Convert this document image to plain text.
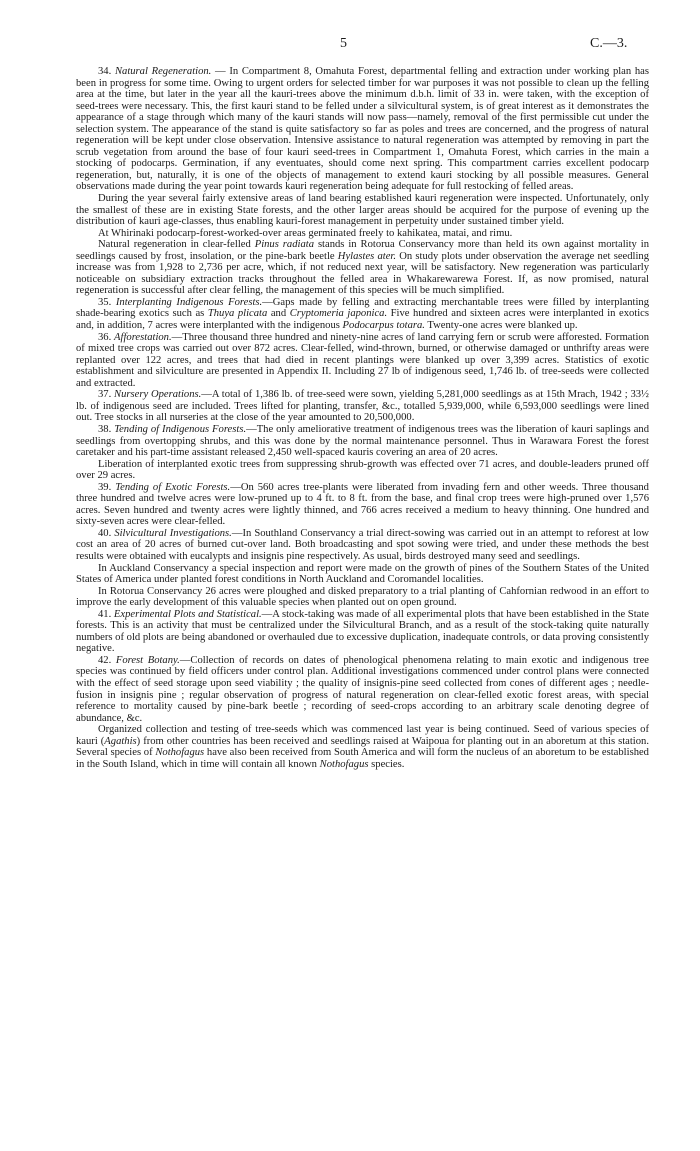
5	C.—3.

34. Natural Regeneration. — In Compartment 8, Omahuta Forest, departmental felling and extraction under working plan has been in progress for some time. Owing to urgent orders for selected timber for war purposes it was not possible to clean up the felling area at the time, but later in the year all the kauri-trees above the minimum d.b.h. limit of 33 in. were taken, with the exception of seed-trees were necessary. This, the first kauri stand to be felled under a silvicultural system, is of great interest as it demonstrates the appearance of a stage through which many of the kauri stands will now pass—namely, removal of the first permissible cut under the selection system. The appearance of the stand is quite satisfactory so far as poles and trees are concerned, and the progress of natural regeneration will be kept under close observation. Intensive assistance to natural regeneration was attempted by removing in part the scrub vegetation from around the base of four kauri seed-trees in Compartment 1, Omahuta Forest, which carries in the main a stocking of podocarps. Germination, if any eventuates, should come next spring. This compartment carries excellent podocarp regeneration, but, naturally, it is one of the objects of management to extend kauri stocking by all possible measures. General observations made during the year point towards kauri regeneration being adequate for full restocking of felled areas.

During the year several fairly extensive areas of land bearing established kauri regeneration were inspected. Unfortunately, only the smallest of these are in existing State forests, and the other larger areas should be acquired for the purpose of evening up the distribution of kauri age-classes, thus enabling kauri-forest management in perpetuity under sustained timber yield.

At Whirinaki podocarp-forest-worked-over areas germinated freely to kahikatea, matai, and rimu.

Natural regeneration in clear-felled Pinus radiata stands in Rotorua Conservancy more than held its own against mortality in seedlings caused by frost, insolation, or the pine-bark beetle Hylastes ater. On study plots under observation the average net seedling increase was from 1,928 to 2,736 per acre, which, if not reduced next year, will be satisfactory. New regeneration was particularly noticeable on subsidiary extraction tracks throughout the felled area in Whakarewarewa Forest. If, as now promised, natural regeneration is successful after clear felling, the management of this species will be much simplified.

35. Interplanting Indigenous Forests.—Gaps made by felling and extracting merchantable trees were filled by interplanting shade-bearing exotics such as Thuya plicata and Cryptomeria japonica. Five hundred and sixteen acres were interplanted in exotics and, in addition, 7 acres were interplanted with the indigenous Podocarpus totara. Twenty-one acres were blanked up.

36. Afforestation.—Three thousand three hundred and ninety-nine acres of land carrying fern or scrub were afforested. Formation of mixed tree crops was carried out over 872 acres. Clear-felled, wind-thrown, burned, or otherwise damaged or unthrifty areas were replanted over 122 acres, and trees that had died in recent plantings were blanked up over 3,399 acres. Statistics of exotic establishment and silviculture are presented in Appendix II. Including 27 lb of indigenous seed, 1,746 lb. of tree-seeds were collected and extracted.

37. Nursery Operations.—A total of 1,386 lb. of tree-seed were sown, yielding 5,281,000 seedlings as at 15th Mrach, 1942 ; 33½ lb. of indigenous seed are included. Trees lifted for planting, transfer, &c., totalled 5,939,000, while 6,593,000 seedlings were lined out. Tree stocks in all nurseries at the close of the year amounted to 20,500,000.

38. Tending of Indigenous Forests.—The only ameliorative treatment of indigenous trees was the liberation of kauri saplings and seedlings from overtopping shrubs, and this was done by the normal maintenance personnel. Thus in Warawara Forest the forest caretaker and his part-time assistant released 2,450 well-spaced kauris covering an area of 20 acres.

Liberation of interplanted exotic trees from suppressing shrub-growth was effected over 71 acres, and double-leaders pruned off over 29 acres.

39. Tending of Exotic Forests.—On 560 acres tree-plants were liberated from invading fern and other weeds. Three thousand three hundred and twelve acres were low-pruned up to 4 ft. to 8 ft. from the base, and final crop trees were high-pruned over 1,576 acres. Seven hundred and twenty acres were lightly thinned, and 766 acres received a medium to heavy thinning. One hundred and sixty-seven acres were clear-felled.

40. Silvicultural Investigations.—In Southland Conservancy a trial direct-sowing was carried out in an attempt to reforest at low cost an area of 20 acres of burned cut-over land. Both broadcasting and spot sowing were tried, and under these methods the best results were obtained with eucalypts and insignis pine respectively. As usual, birds destroyed many seed and seedlings.

In Auckland Conservancy a special inspection and report were made on the growth of pines of the Southern States of the United States of America under planted forest conditions in North Auckland and Coromandel localities.

In Rotorua Conservancy 26 acres were ploughed and disked preparatory to a trial planting of Cahfornian redwood in an effort to improve the early development of this valuable species when planted out on open ground.

41. Experimental Plots and Statistical.—A stock-taking was made of all experimental plots that have been established in the State forests. This is an activity that must be centralized under the Silvicultural Branch, and as a result of the stock-taking quite naturally numbers of old plots are being abandoned or overhauled due to excessive duplication, inadequate controls, or data proving consistently negative.

42. Forest Botany.—Collection of records on dates of phenological phenomena relating to main exotic and indigenous tree species was continued by field officers under control plan. Additional investigations commenced under control plans were connected with the effect of seed storage upon seed viability ; the quality of insignis-pine seed collected from cones of different ages ; needle-fusion in insignis pine ; regular observation of progress of natural regeneration on clear-felled exotic forest areas, with special reference to mortality caused by pine-bark beetle ; recording of seed-crops according to an arbitrary scale denoting degree of abundance, &c.

Organized collection and testing of tree-seeds which was commenced last year is being continued. Seed of various species of kauri (Agathis) from other countries has been received and seedlings raised at Waipoua for planting out in an aboretum at this station. Several species of Nothofagus have also been received from South America and will form the nucleus of an aboretum to be established in the South Island, which in time will contain all known Nothofagus species.
